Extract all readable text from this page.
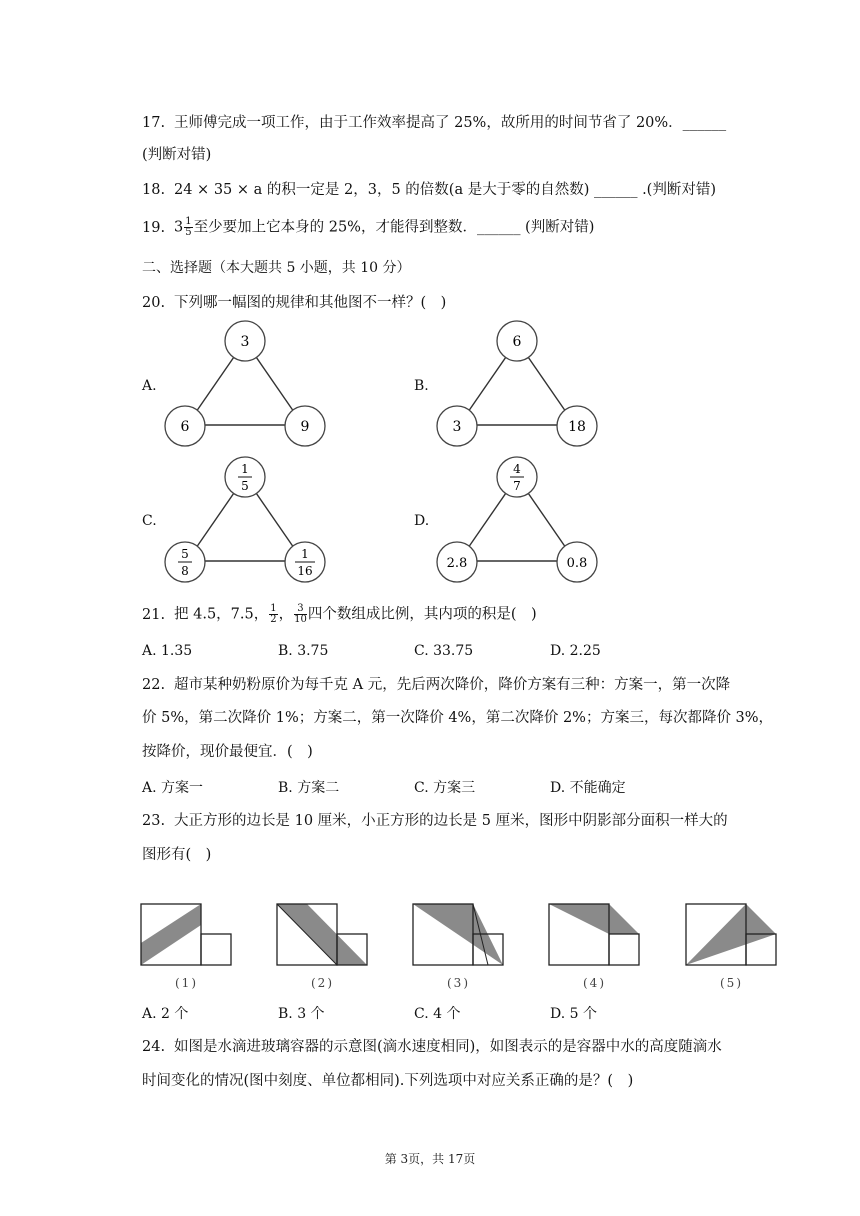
17. 王师傅完成一项工作，由于工作效率提高了 25%，故所用的时间节省了 20%．______
(判断对错)
18. 24 × 35 × a 的积一定是 2，3，5 的倍数(a 是大于零的自然数) ______ .(判断对错)
19. $3 \frac{1}{5}$ 至少要加上它本身的 25%，才能得到整数．______ (判断对错)
二、选择题（本大题共 5 小题，共 10 分）
20. 下列哪一幅图的规律和其他图不一样？(　)
A.
3
6	9
B.
6
3	18
C.
1
5
5
8
1
16
D.
4
7
2.8	0.8
21. 把 4.5，7.5， $\frac{1}{2}$ ， $\frac{3}{10}$ 四个数组成比例，其内项的积是(　)
A. 1.35	B. 3.75	C. 33.75	D. 2.25
22. 超市某种奶粉原价为每千克 A 元，先后两次降价，降价方案有三种：方案一，第一次降
价 5%，第二次降价 1%；方案二，第一次降价 4%，第二次降价 2%；方案三，每次都降价 3%，
按降价，现价最便宜．(　)
A. 方案一	B. 方案二	C. 方案三	D. 不能确定
23. 大正方形的边长是 10 厘米，小正方形的边长是 5 厘米，图形中阴影部分面积一样大的
图形有(　)
(1)	(2)	(3)	(4)	(5)
A. 2 个	B. 3 个	C. 4 个	D. 5 个
24. 如图是水滴进玻璃容器的示意图(滴水速度相同)，如图表示的是容器中水的高度随滴水
时间变化的情况(图中刻度、单位都相同).下列选项中对应关系正确的是？(　)
第 3页，共 17页
